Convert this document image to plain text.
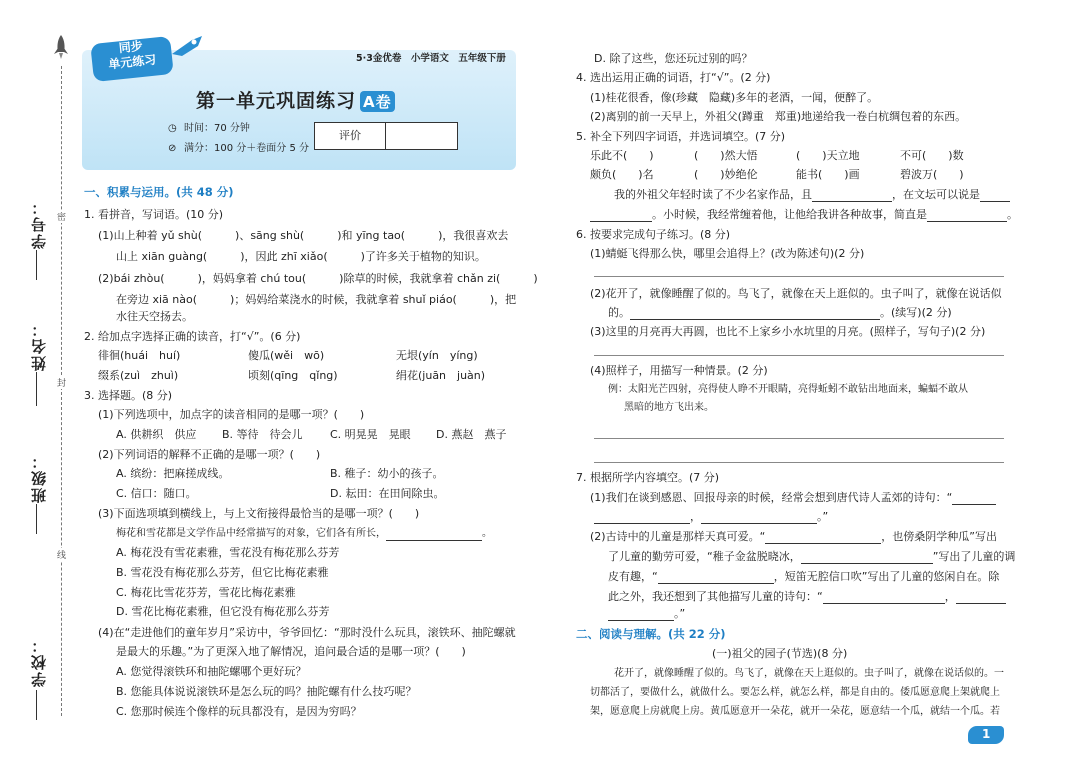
学号：
姓名：
班级：
学校：
密
封
线
同步
单元练习	5·3金优卷　小学语文　五年级下册
第一单元巩固练习 A卷
◷ 时间：70 分钟
⊘ 满分：100 分＋卷面分 5 分
评价
一、积累与运用。(共 48 分)
1. 看拼音，写词语。(10 分)
(1)山上种着 yǔ shù(　　　)、sāng shù(　　　)和 yīng tao(　　　)，我很喜欢去
山上 xiān guàng(　　　)，因此 zhī xiǎo(　　　)了许多关于植物的知识。
(2)bái zhòu(　　　)，妈妈拿着 chú tou(　　　)除草的时候，我就拿着 chǎn zi(　　　)
在旁边 xiā nào(　　　)；妈妈给菜浇水的时候，我就拿着 shuǐ piáo(　　　)，把
水往天空扬去。
2. 给加点字选择正确的读音，打“√”。(6 分)
徘徊(huái　huí)	傻瓜(wěi　wō)	无垠(yín　yíng)
缀系(zuì　zhuì)	顷刻(qīng　qǐng)	绢花(juān　juàn)
3. 选择题。(8 分)
(1)下列选项中，加点字的读音相同的是哪一项？(　　)
A. 供耕织　供应 B. 等待　待会儿 C. 明晃晃　晃眼 D. 燕赵　燕子
(2)下列词语的解释不正确的是哪一项？(　　)
A. 缤纷：把麻搓成线。	B. 稚子：幼小的孩子。
C. 信口：随口。	D. 耘田：在田间除虫。
(3)下面选项填到横线上，与上文衔接得最恰当的是哪一项？(　　)
梅花和雪花都是文学作品中经常描写的对象，它们各有所长，	。
A. 梅花没有雪花素雅，雪花没有梅花那么芬芳
B. 雪花没有梅花那么芬芳，但它比梅花素雅
C. 梅花比雪花芬芳，雪花比梅花素雅
D. 雪花比梅花素雅，但它没有梅花那么芬芳
(4)在“走进他们的童年岁月”采访中，爷爷回忆：“那时没什么玩具，滚铁环、抽陀螺就
是最大的乐趣。”为了更深入地了解情况，追问最合适的是哪一项？(　　)
A. 您觉得滚铁环和抽陀螺哪个更好玩？
B. 您能具体说说滚铁环是怎么玩的吗？抽陀螺有什么技巧呢？
C. 您那时候连个像样的玩具都没有，是因为穷吗？
D. 除了这些，您还玩过别的吗？
4. 选出运用正确的词语，打“√”。(2 分)
(1)桂花很香，像(珍藏　隐藏)多年的老酒，一闻，便醉了。
(2)离别的前一天早上，外祖父(蹲重　郑重)地递给我一卷白杭绸包着的东西。
5. 补全下列四字词语，并选词填空。(7 分)
乐此不(　　)	(　　)然大悟	(　　)天立地	不可(　　)数
颇负(　　)名	(　　)妙绝伦	能书(　　)画	碧波万(　　)
我的外祖父年轻时读了不少名家作品，且	，在文坛可以说是
。小时候，我经常缠着他，让他给我讲各种故事，简直是	。
6. 按要求完成句子练习。(8 分)
(1)蜻蜓飞得那么快，哪里会追得上？(改为陈述句)(2 分)
(2)花开了，就像睡醒了似的。鸟飞了，就像在天上逛似的。虫子叫了，就像在说话似
的。	。(续写)(2 分)
(3)这里的月亮再大再圆，也比不上家乡小水坑里的月亮。(照样子，写句子)(2 分)
(4)照样子，用描写一种情景。(2 分)
例：太阳光芒四射，亮得使人睁不开眼睛，亮得蚯蚓不敢钻出地面来，蝙蝠不敢从
黑暗的地方飞出来。
7. 根据所学内容填空。(7 分)
(1)我们在谈到感恩、回报母亲的时候，经常会想到唐代诗人孟郊的诗句：“
，	。”
(2)古诗中的儿童是那样天真可爱。“	，也傍桑阴学种瓜”写出
了儿童的勤劳可爱，“稚子金盆脱晓冰，	”写出了儿童的调
皮有趣，“	，短笛无腔信口吹”写出了儿童的悠闲自在。除
此之外，我还想到了其他描写儿童的诗句：“	，
。”
二、阅读与理解。(共 22 分)
(一)祖父的园子(节选)(8 分)
花开了，就像睡醒了似的。鸟飞了，就像在天上逛似的。虫子叫了，就像在说话似的。一
切都活了，要做什么，就做什么。要怎么样，就怎么样，都是自由的。倭瓜愿意爬上架就爬上
架，愿意爬上房就爬上房。黄瓜愿意开一朵花，就开一朵花，愿意结一个瓜，就结一个瓜。若
1
